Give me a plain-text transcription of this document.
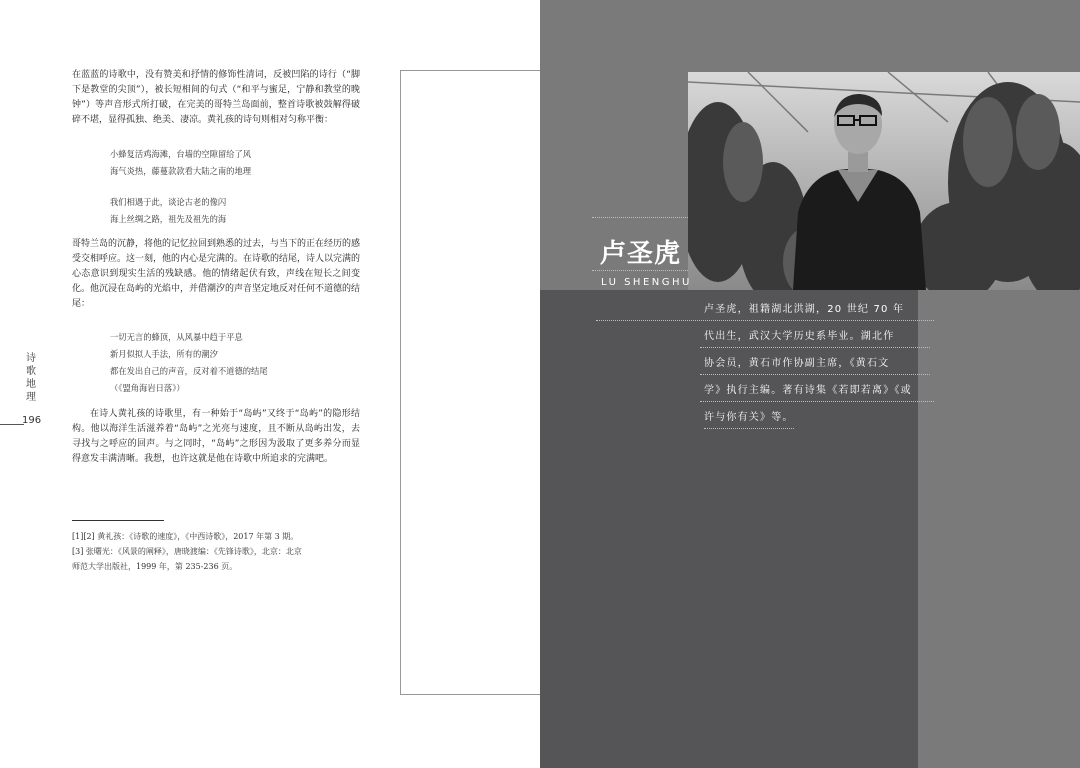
在蓝蓝的诗歌中，没有赞美和抒情的修饰性清词，反被凹陷的诗行（“脚下是教堂的尖顶”），被长短相间的句式（“和平与蜜足，宁静和教堂的晚钟”）等声音形式所打破，在完美的哥特兰岛面前，整首诗歌被鼓解得破碎不堪，显得孤独、绝美、凄凉。黄礼孩的诗句则相对匀称平衡：

小蜂复活鸡海滩，台墙的空隙留给了风
海气炎热，藤蔓款款看大陆之南的地理
我们相遇于此，谈论古老的像闪
海上丝绸之路，祖先及祖先的海

哥特兰岛的沉静，将他的记忆拉回到熟悉的过去，与当下的正在经历的感受交相呼应。这一刻，他的内心是完满的。在诗歌的结尾，诗人以完满的心态意识到现实生活的残缺感。他的情绪起伏有致，声线在短长之间变化。他沉浸在岛屿的光焰中，并借潮汐的声音坚定地反对任何不道德的结尾：

一切无言的蜂顶，从风暴中趋于平息
新月似拟人手法，所有的潮汐
都在发出自己的声音，反对着不道德的结尾
（《盟角海岩日落》）

在诗人黄礼孩的诗歌里，有一种始于“岛屿”又终于“岛屿”的隐形结构。他以海洋生活滋养着“岛屿”之光亮与速度，且不断从岛屿出发，去寻找与之呼应的回声。与之同时，“岛屿”之形因为汲取了更多养分而显得意发丰满清晰。我想，也许这就是他在诗歌中所追求的完满吧。

[1][2] 黄礼孩：《诗歌的速度》，《中西诗歌》，2017 年第 3 期。
[3] 张曙光：《风景的阐释》，唐晓渡编：《先锋诗歌》，北京：北京
师范大学出版社，1999 年，第 235-236 页。
诗
歌
地
理
196
卢圣虎
LU SHENGHU
卢圣虎，祖籍湖北洪湖，20 世纪 70 年
代出生，武汉大学历史系毕业。湖北作
协会员，黄石市作协副主席，《黄石文
学》执行主编。著有诗集《若即若离》《或
许与你有关》等。
